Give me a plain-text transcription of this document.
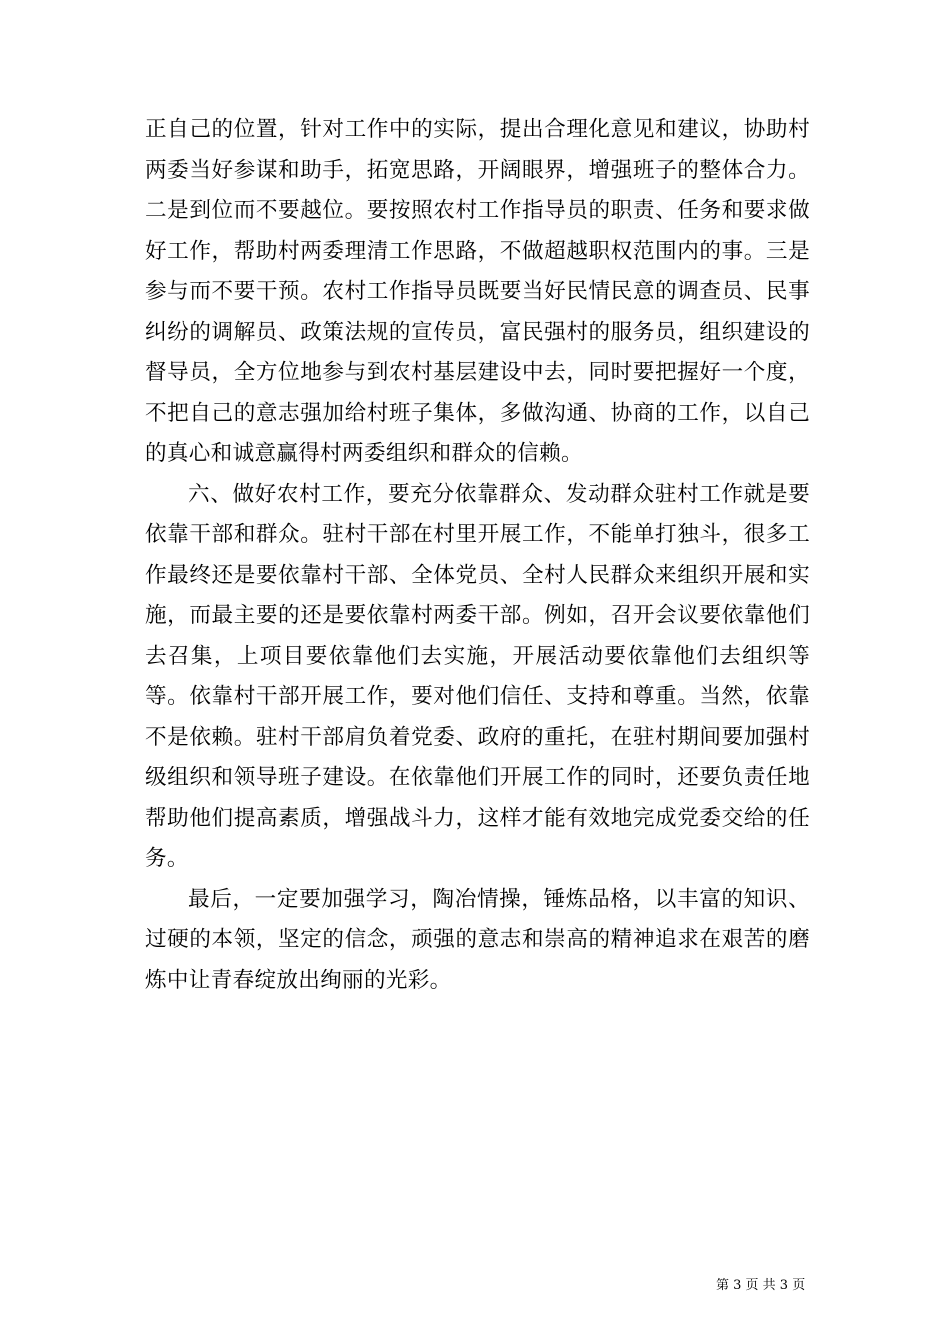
正自己的位置，针对工作中的实际，提出合理化意见和建议，协助村两委当好参谋和助手，拓宽思路，开阔眼界，增强班子的整体合力。二是到位而不要越位。要按照农村工作指导员的职责、任务和要求做好工作，帮助村两委理清工作思路，不做超越职权范围内的事。三是参与而不要干预。农村工作指导员既要当好民情民意的调查员、民事纠纷的调解员、政策法规的宣传员，富民强村的服务员，组织建设的督导员，全方位地参与到农村基层建设中去，同时要把握好一个度，不把自己的意志强加给村班子集体，多做沟通、协商的工作，以自己的真心和诚意赢得村两委组织和群众的信赖。

六、做好农村工作，要充分依靠群众、发动群众驻村工作就是要依靠干部和群众。驻村干部在村里开展工作，不能单打独斗，很多工作最终还是要依靠村干部、全体党员、全村人民群众来组织开展和实施，而最主要的还是要依靠村两委干部。例如，召开会议要依靠他们去召集，上项目要依靠他们去实施，开展活动要依靠他们去组织等等。依靠村干部开展工作，要对他们信任、支持和尊重。当然，依靠不是依赖。驻村干部肩负着党委、政府的重托，在驻村期间要加强村级组织和领导班子建设。在依靠他们开展工作的同时，还要负责任地帮助他们提高素质，增强战斗力，这样才能有效地完成党委交给的任务。

最后，一定要加强学习，陶冶情操，锤炼品格，以丰富的知识、过硬的本领，坚定的信念，顽强的意志和崇高的精神追求在艰苦的磨炼中让青春绽放出绚丽的光彩。

第 3 页 共 3 页
